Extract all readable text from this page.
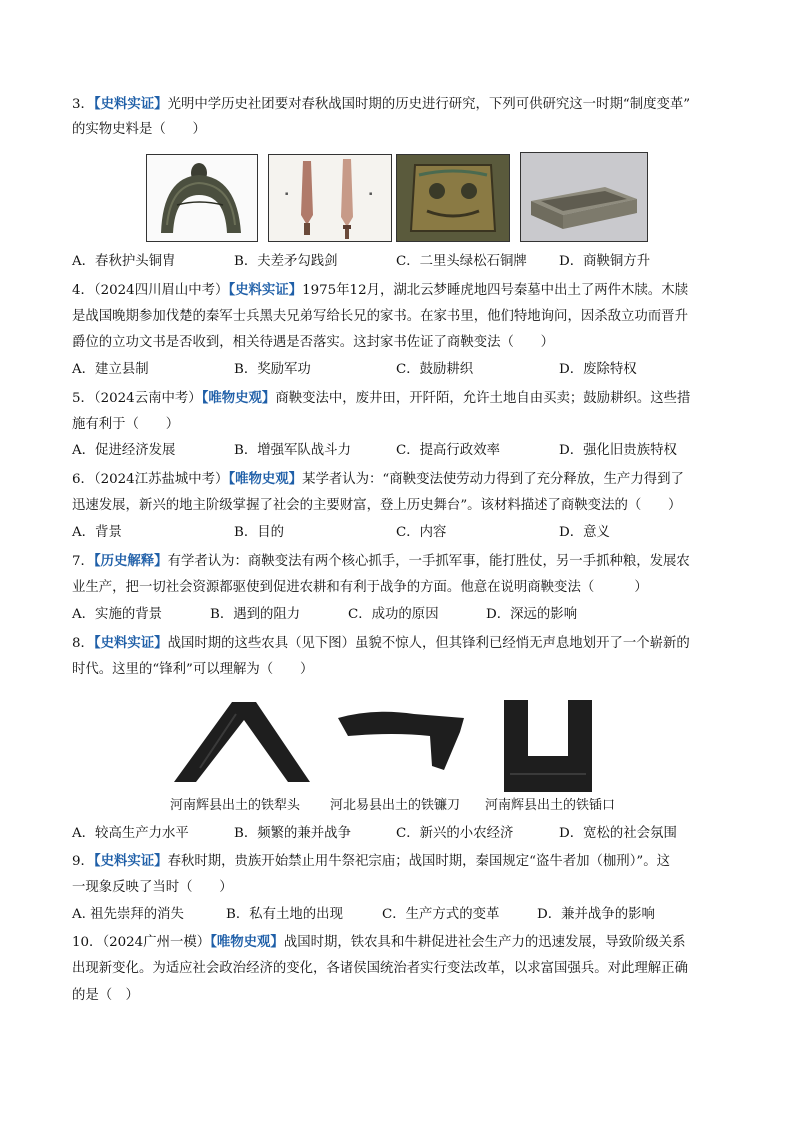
3．【史料实证】光明中学历史社团要对春秋战国时期的历史进行研究，下列可供研究这一时期“制度变革”
的实物史料是（　　）
▪	▪
A．春秋护头铜胄	B．夫差矛勾践剑	C．二里头绿松石铜牌 D．商鞅铜方升
4．（2024四川眉山中考）【史料实证】1975年12月，湖北云梦睡虎地四号秦墓中出土了两件木牍。木牍
是战国晚期参加伐楚的秦军士兵黑夫兄弟写给长兄的家书。在家书里，他们特地询问，因杀敌立功而晋升
爵位的立功文书是否收到，相关待遇是否落实。这封家书佐证了商鞅变法（　　）
A．建立县制	B．奖励军功	C．鼓励耕织	D．废除特权
5．（2024云南中考）【唯物史观】商鞅变法中，废井田，开阡陌，允许土地自由买卖；鼓励耕织。这些措
施有利于（　　）
A．促进经济发展	B．增强军队战斗力	C．提高行政效率	D．强化旧贵族特权
6．（2024江苏盐城中考）【唯物史观】某学者认为：“商鞅变法使劳动力得到了充分释放，生产力得到了
迅速发展，新兴的地主阶级掌握了社会的主要财富，登上历史舞台”。该材料描述了商鞅变法的（　　）
A．背景	B．目的	C．内容	D．意义
7．【历史解释】有学者认为：商鞅变法有两个核心抓手，一手抓军事，能打胜仗，另一手抓种粮，发展农
业生产，把一切社会资源都驱使到促进农耕和有利于战争的方面。他意在说明商鞅变法（　　　）
A．实施的背景	B．遇到的阻力	C．成功的原因	D．深远的影响
8．【史料实证】战国时期的这些农具（见下图）虽貌不惊人，但其锋利已经悄无声息地划开了一个崭新的
时代。这里的“锋利”可以理解为（　　）
河南辉县出土的铁犁头 河北易县出土的铁镰刀 河南辉县出土的铁锸口
A．较高生产力水平	B．频繁的兼并战争	C．新兴的小农经济	D．宽松的社会氛围
9．【史料实证】春秋时期，贵族开始禁止用牛祭祀宗庙；战国时期，秦国规定“盗牛者加（枷刑）”。这
一现象反映了当时（　　）
A. 祖先崇拜的消失	B．私有土地的出现	C．生产方式的变革	D．兼并战争的影响
10．（2024广州一模）【唯物史观】战国时期，铁农具和牛耕促进社会生产力的迅速发展，导致阶级关系
出现新变化。为适应社会政治经济的变化，各诸侯国统治者实行变法改革，以求富国强兵。对此理解正确
的是（　）
